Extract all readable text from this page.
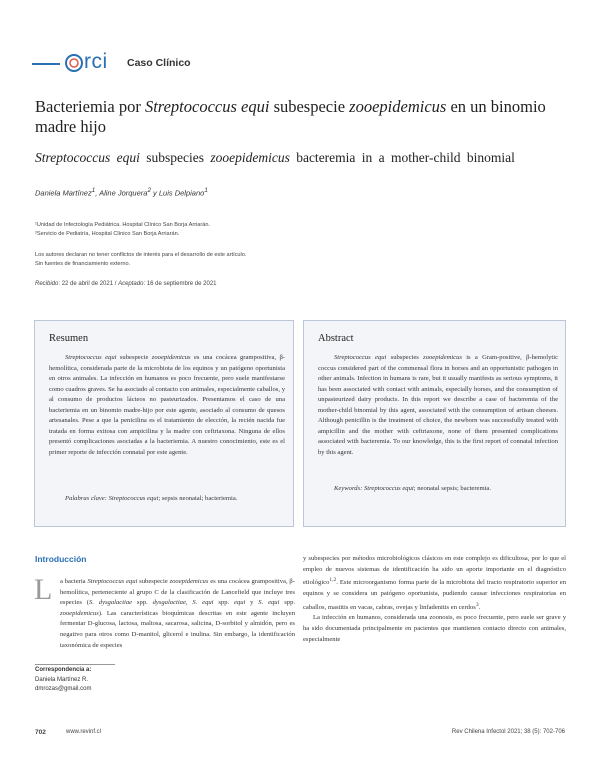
rci Caso Clínico
Bacteriemia por Streptococcus equi subespecie zooepidemicus en un binomio madre hijo
Streptococcus equi subspecies zooepidemicus bacteremia in a mother-child binomial
Daniela Martínez$^1$, Aline Jorquera$^2$ y Luis Delpiano$^1$
¹Unidad de Infectología Pediátrica. Hospital Clínico San Borja Arriarán.
²Servicio de Pediatría, Hospital Clínico San Borja Arriarán.
Los autores declaran no tener conflictos de interés para el desarrollo de este artículo.
Sin fuentes de financiamiento externo.
Recibido: 22 de abril de 2021 / Aceptado: 16 de septiembre de 2021
Resumen

Streptococcus equi subespecie zooepidemicus es una cocácea grampositiva, β-hemolítica, considerada parte de la microbiota de los equinos y un patógeno oportunista en otros animales. La infección en humanos es poco frecuente, pero suele manifestarse como cuadros graves. Se ha asociado al contacto con animales, especialmente caballos, y al consumo de productos lácteos no pasteurizados. Presentamos el caso de una bacteriemia en un binomio madre-hijo por este agente, asociado al consumo de quesos artesanales. Pese a que la penicilina es el tratamiento de elección, la recién nacida fue tratada en forma exitosa con ampicilina y la madre con ceftriaxona. Ninguna de ellos presentó complicaciones asociadas a la bacteriemia. A nuestro conocimiento, este es el primer reporte de infección connatal por este agente.

Palabras clave: Streptococcus equi; sepsis neonatal; bacteriemia.
Abstract

Streptococcus equi subspecies zooepidemicus is a Gram-positive, β-hemolytic coccus considered part of the commensal flora in horses and an opportunistic pathogen in other animals. Infection in humans is rare, but it usually manifests as serious symptoms, it has been associated with contact with animals, especially horses, and the consumption of unpasteurized dairy products. In this report we describe a case of bacteremia of the mother-child binomial by this agent, associated with the consumption of artisan cheeses. Although penicillin is the treatment of choice, the newborn was successfully treated with ampicillin and the mother with ceftriaxone, none of them presented complications associated with bacteremia. To our knowledge, this is the first report of connatal infection by this agent.

Keywords: Streptococcus equi; neonatal sepsis; bacteremia.
Introducción
L	a bacteria Streptococcus equi subespecie zooepidemicus es una cocácea grampositiva, β-hemolítica, perteneciente al grupo C de la clasificación de Lancefield que incluye tres especies (S. dysgalactiae spp. dysgalactiae, S. equi spp. equi y S. equi spp. zooepidemicus). Las características bioquímicas descritas en este agente incluyen fermentar D-glucosa, lactosa, maltosa, sacarosa, salicina, D-sorbitol y almidón, pero es negativo para otros como D-manitol, glicerol e inulina. Sin embargo, la identificación taxonómica de especies
y subespecies por métodos microbiológicos clásicos en este complejo es dificultosa, por lo que el empleo de nuevos sistemas de identificación ha sido un aporte importante en el diagnóstico etiológico$^{1,2}$. Este microorganismo forma parte de la microbiota del tracto respiratorio superior en equinos y se considera un patógeno oportunista, pudiendo causar infecciones respiratorias en caballos, mastitis en vacas, cabras, ovejas y linfadenitis en cerdos$^3$.
La infección en humanos, considerada una zoonosis, es poco frecuente, pero suele ser grave y ha sido documentada principalmente en pacientes que mantienen contacto directo con animales, especialmente
Correspondencia a:
Daniela Martínez R.
dmrozas@gmail.com
702	www.revinf.cl	Rev Chilena Infectol 2021; 38 (5): 702-706
